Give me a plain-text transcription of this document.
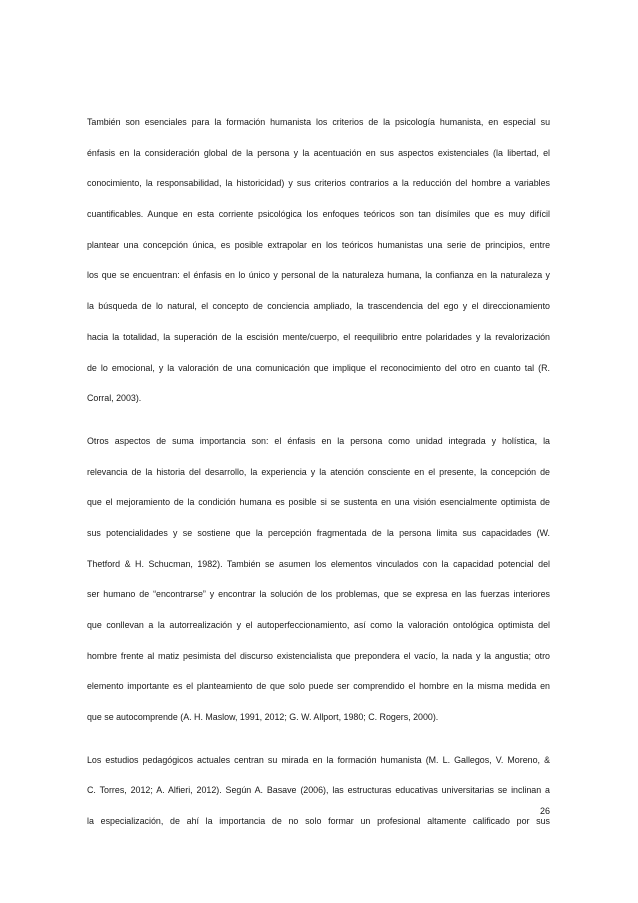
También son esenciales para la formación humanista los criterios de la psicología humanista, en especial su
énfasis en la consideración global de la persona y la acentuación en sus aspectos existenciales (la libertad, el
conocimiento, la responsabilidad, la historicidad) y sus criterios contrarios a la reducción del hombre a variables
cuantificables. Aunque en esta corriente psicológica los enfoques teóricos son tan disímiles que es muy difícil
plantear una concepción única, es posible extrapolar en los teóricos humanistas una serie de principios, entre
los que se encuentran: el énfasis en lo único y personal de la naturaleza humana, la confianza en la naturaleza y
la búsqueda de lo natural, el concepto de conciencia ampliado, la trascendencia del ego y el direccionamiento
hacia la totalidad, la superación de la escisión mente/cuerpo, el reequilibrio entre polaridades y la revalorización
de lo emocional, y la valoración de una comunicación que implique el reconocimiento del otro en cuanto tal (R.
Corral, 2003).
Otros aspectos de suma importancia son: el énfasis en la persona como unidad integrada y holística, la
relevancia de la historia del desarrollo, la experiencia y la atención consciente en el presente, la concepción de
que el mejoramiento de la condición humana es posible si se sustenta en una visión esencialmente optimista de
sus potencialidades y se sostiene que la percepción fragmentada de la persona limita sus capacidades (W.
Thetford & H. Schucman, 1982). También se asumen los elementos vinculados con la capacidad potencial del
ser humano de “encontrarse” y encontrar la solución de los problemas, que se expresa en las fuerzas interiores
que conllevan a la autorrealización y el autoperfeccionamiento, así como la valoración ontológica optimista del
hombre frente al matiz pesimista del discurso existencialista que prepondera el vacío, la nada y la angustia; otro
elemento importante es el planteamiento de que solo puede ser comprendido el hombre en la misma medida en
que se autocomprende (A. H. Maslow, 1991, 2012; G. W. Allport, 1980; C. Rogers, 2000).
Los estudios pedagógicos actuales centran su mirada en la formación humanista (M. L. Gallegos, V. Moreno, &
C. Torres, 2012; A. Alfieri, 2012). Según A. Basave (2006), las estructuras educativas universitarias se inclinan a
la especialización, de ahí la importancia de no solo formar un profesional altamente calificado por sus
26
